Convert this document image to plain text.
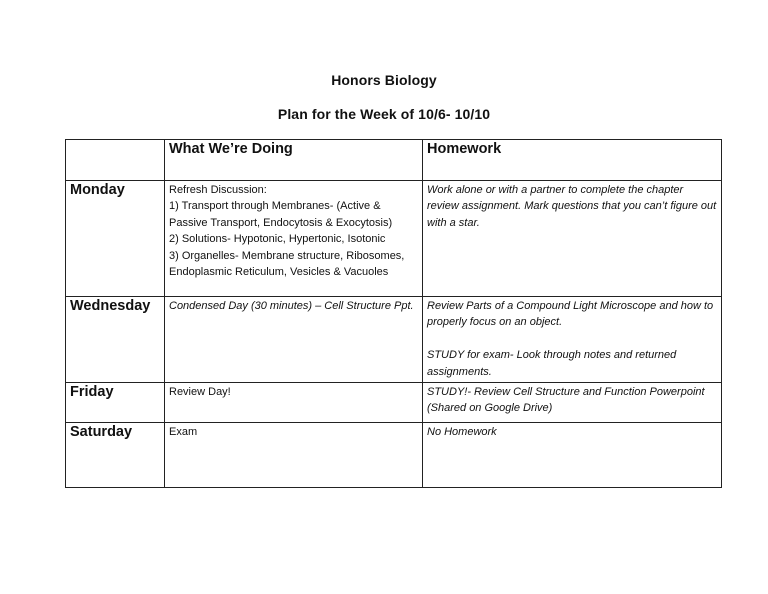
Honors Biology
Plan for the Week of 10/6- 10/10
	What We’re Doing	Homework
Monday	Refresh Discussion:
1) Transport through Membranes- (Active & Passive Transport, Endocytosis & Exocytosis)
2) Solutions- Hypotonic, Hypertonic, Isotonic
3) Organelles- Membrane structure, Ribosomes, Endoplasmic Reticulum, Vesicles & Vacuoles	Work alone or with a partner to complete the chapter review assignment. Mark questions that you can’t figure out with a star.
Wednesday	Condensed Day (30 minutes) – Cell Structure Ppt.	Review Parts of a Compound Light Microscope and how to properly focus on an object.

STUDY for exam- Look through notes and returned assignments.
Friday	Review Day!	STUDY!- Review Cell Structure and Function Powerpoint (Shared on Google Drive)
Saturday	Exam	No Homework
